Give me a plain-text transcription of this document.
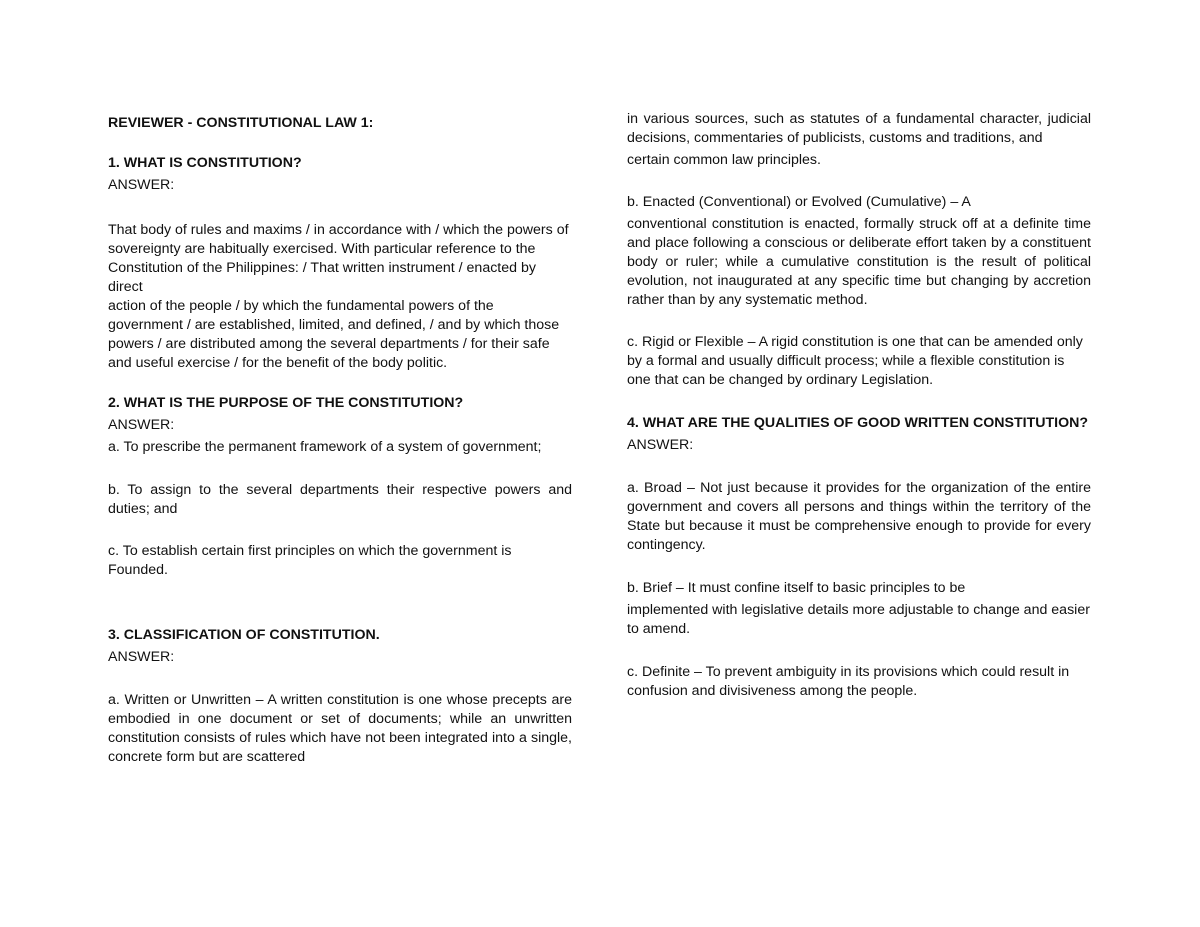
REVIEWER - CONSTITUTIONAL LAW 1:

1. WHAT IS CONSTITUTION?

ANSWER:

That body of rules and maxims / in accordance with / which the powers of sovereignty are habitually exercised. With particular reference to the Constitution of the Philippines: / That written instrument / enacted by direct

action of the people / by which the fundamental powers of the government / are established, limited, and defined, / and by which those powers / are distributed among the several departments / for their safe and useful exercise / for the benefit of the body politic.

2. WHAT IS THE PURPOSE OF THE CONSTITUTION?

ANSWER:

a. To prescribe the permanent framework of a system of government;

b. To assign to the several departments their respective powers and duties; and

c. To establish certain first principles on which the government is Founded.

3. CLASSIFICATION OF CONSTITUTION.

ANSWER:

a. Written or Unwritten – A written constitution is one whose precepts are embodied in one document or set of documents; while an unwritten constitution consists of rules which have not been integrated into a single, concrete form but are scattered

in various sources, such as statutes of a fundamental character, judicial decisions, commentaries of publicists, customs and traditions, and

certain common law principles.

b. Enacted (Conventional) or Evolved (Cumulative) – A

conventional constitution is enacted, formally struck off at a definite time and place following a conscious or deliberate effort taken by a constituent body or ruler; while a cumulative constitution is the result of political evolution, not inaugurated at any specific time but changing by accretion rather than by any systematic method.

c. Rigid or Flexible – A rigid constitution is one that can be amended only by a formal and usually difficult process; while a flexible constitution is one that can be changed by ordinary Legislation.

4. WHAT ARE THE QUALITIES OF GOOD WRITTEN CONSTITUTION?

ANSWER:

a. Broad – Not just because it provides for the organization of the entire government and covers all persons and things within the territory of the State but because it must be comprehensive enough to provide for every contingency.

b. Brief – It must confine itself to basic principles to be

implemented with legislative details more adjustable to change and easier to amend.

c. Definite – To prevent ambiguity in its provisions which could result in confusion and divisiveness among the people.
